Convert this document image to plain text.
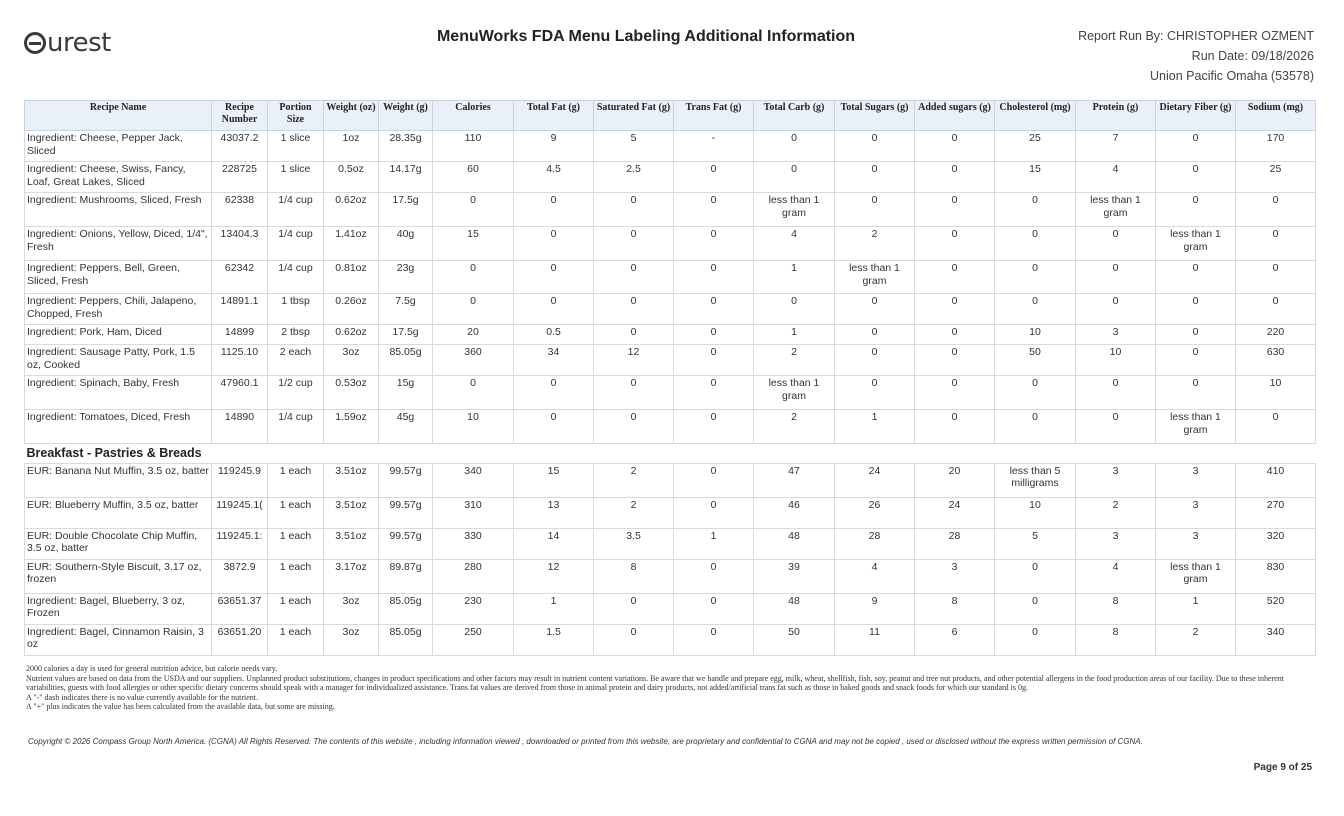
urest	MenuWorks FDA Menu Labeling Additional Information	Report Run By: CHRISTOPHER OZMENT
Run Date: 09/18/2026
Union Pacific Omaha (53578)
Recipe Name	Recipe Number	Portion Size	Weight (oz)	Weight (g)	Calories	Total Fat (g)	Saturated Fat (g)	Trans Fat (g)	Total Carb (g)	Total Sugars (g)	Added sugars (g)	Cholesterol (mg)	Protein (g)	Dietary Fiber (g)	Sodium (mg)
Ingredient: Cheese, Pepper Jack, Sliced	43037.2	1 slice	1oz	28.35g	110	9	5	-	0	0	0	25	7	0	170
Ingredient: Cheese, Swiss, Fancy, Loaf, Great Lakes, Sliced	228725	1 slice	0.5oz	14.17g	60	4.5	2.5	0	0	0	0	15	4	0	25
Ingredient: Mushrooms, Sliced, Fresh	62338	1/4 cup	0.62oz	17.5g	0	0	0	0	less than 1 gram	0	0	0	less than 1 gram	0	0
Ingredient: Onions, Yellow, Diced, 1/4", Fresh	13404.3	1/4 cup	1.41oz	40g	15	0	0	0	4	2	0	0	0	less than 1 gram	0
Ingredient: Peppers, Bell, Green, Sliced, Fresh	62342	1/4 cup	0.81oz	23g	0	0	0	0	1	less than 1 gram	0	0	0	0	0
Ingredient: Peppers, Chili, Jalapeno, Chopped, Fresh	14891.1	1 tbsp	0.26oz	7.5g	0	0	0	0	0	0	0	0	0	0	0
Ingredient: Pork, Ham, Diced	14899	2 tbsp	0.62oz	17.5g	20	0.5	0	0	1	0	0	10	3	0	220
Ingredient: Sausage Patty, Pork, 1.5 oz, Cooked	1125.10	2 each	3oz	85.05g	360	34	12	0	2	0	0	50	10	0	630
Ingredient: Spinach, Baby, Fresh	47960.1	1/2 cup	0.53oz	15g	0	0	0	0	less than 1 gram	0	0	0	0	0	10
Ingredient: Tomatoes, Diced, Fresh	14890	1/4 cup	1.59oz	45g	10	0	0	0	2	1	0	0	0	less than 1 gram	0
Breakfast - Pastries & Breads															
EUR: Banana Nut Muffin, 3.5 oz, batter	119245.9	1 each	3.51oz	99.57g	340	15	2	0	47	24	20	less than 5 milligrams	3	3	410
EUR: Blueberry Muffin, 3.5 oz, batter	119245.1(	1 each	3.51oz	99.57g	310	13	2	0	46	26	24	10	2	3	270
EUR: Double Chocolate Chip Muffin, 3.5 oz, batter	119245.1:	1 each	3.51oz	99.57g	330	14	3.5	1	48	28	28	5	3	3	320
EUR: Southern-Style Biscuit, 3.17 oz, frozen	3872.9	1 each	3.17oz	89.87g	280	12	8	0	39	4	3	0	4	less than 1 gram	830
Ingredient: Bagel, Blueberry, 3 oz, Frozen	63651.37	1 each	3oz	85.05g	230	1	0	0	48	9	8	0	8	1	520
Ingredient: Bagel, Cinnamon Raisin, 3 oz	63651.20	1 each	3oz	85.05g	250	1.5	0	0	50	11	6	0	8	2	340
2000 calories a day is used for general nutrition advice, but calorie needs vary.
Nutrient values are based on data from the USDA and our suppliers. Unplanned product substitutions, changes in product specifications and other factors may result in nutrient content variations. Be aware that we handle and prepare egg, milk, wheat, shellfish, fish, soy, peanut and tree nut products, and other potential allergens in the food production areas of our facility. Due to these inherent variabilities, guests with food allergies or other specific dietary concerns should speak with a manager for individualized assistance. Trans fat values are derived from those in animal protein and dairy products, not added/artificial trans fat such as those in baked goods and snack foods for which our standard is 0g.
A "-" dash indicates there is no value currently available for the nutrient.
A "+" plus indicates the value has been calculated from the available data, but some are missing.
Copyright © 2026 Compass Group North America. (CGNA) All Rights Reserved. The contents of this website , including information viewed , downloaded or printed from this website, are proprietary and confidential to CGNA and may not be copied , used or disclosed without the express written permission of CGNA.
Page 9 of 25
